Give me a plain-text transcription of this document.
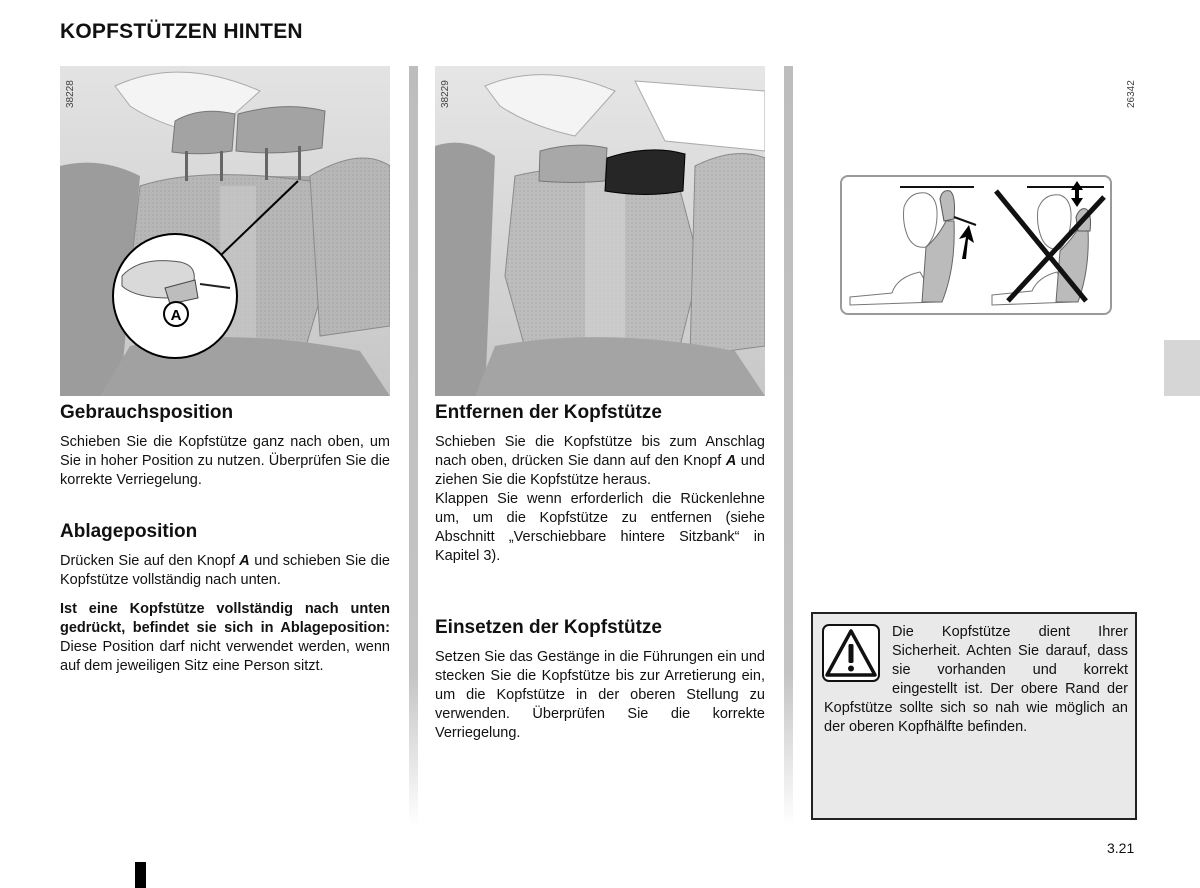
KOPFSTÜTZEN HINTEN
A
38228	38229	26342
Gebrauchsposition

Schieben Sie die Kopfstütze ganz nach oben, um Sie in hoher Position zu nutzen. Überprüfen Sie die korrekte Verriegelung.

Ablageposition

Drücken Sie auf den Knopf A und schieben Sie die Kopfstütze vollständig nach unten.

Ist eine Kopfstütze vollständig nach unten gedrückt, befindet sie sich in Ablageposition: Diese Position darf nicht verwendet werden, wenn auf dem jeweiligen Sitz eine Person sitzt.

Entfernen der Kopfstütze

Schieben Sie die Kopfstütze bis zum Anschlag nach oben, drücken Sie dann auf den Knopf A und ziehen Sie die Kopfstütze heraus.
Klappen Sie wenn erforderlich die Rückenlehne um, um die Kopfstütze zu entfernen (siehe Abschnitt „Verschiebbare hintere Sitzbank“ in Kapitel 3).

Einsetzen der Kopfstütze

Setzen Sie das Gestänge in die Führungen ein und stecken Sie die Kopfstütze bis zur Arretierung ein, um die Kopfstütze in der oberen Stellung zu verwenden. Überprüfen Sie die korrekte Verriegelung.

Die Kopfstütze dient Ihrer Sicherheit. Achten Sie darauf, dass sie vorhanden und korrekt eingestellt ist. Der obere Rand der Kopfstütze sollte sich so nah wie möglich an der oberen Kopfhälfte befinden.

3.21
